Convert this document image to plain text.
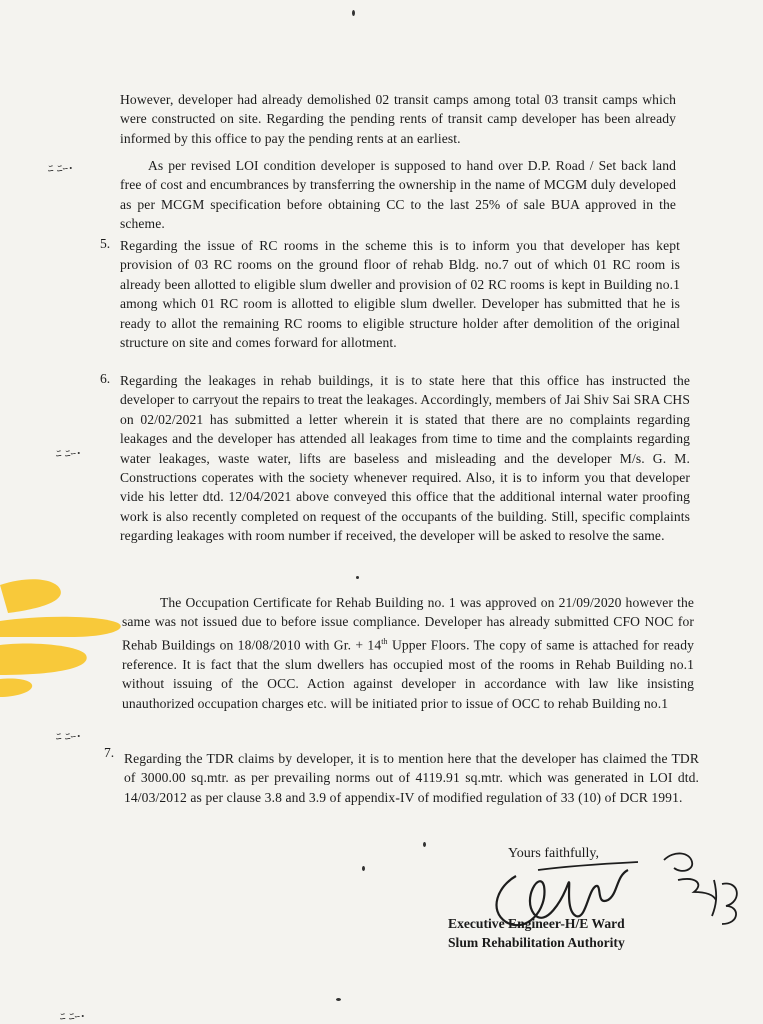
However, developer had already demolished 02 transit camps among total 03 transit camps which were constructed on site. Regarding the pending rents of transit camp developer has been already informed by this office to pay the pending rents at an earliest.

As per revised LOI condition developer is supposed to hand over D.P. Road / Set back land free of cost and encumbrances by transferring the ownership in the name of MCGM duly developed as per MCGM specification before obtaining CC to the last 25% of sale BUA approved in the scheme.

5. Regarding the issue of RC rooms in the scheme this is to inform you that developer has kept provision of 03 RC rooms on the ground floor of rehab Bldg. no.7 out of which 01 RC room is already been allotted to eligible slum dweller and provision of 02 RC rooms is kept in Building no.1 among which 01 RC room is allotted to eligible slum dweller. Developer has submitted that he is ready to allot the remaining RC rooms to eligible structure holder after demolition of the original structure on site and comes forward for allotment.

6. Regarding the leakages in rehab buildings, it is to state here that this office has instructed the developer to carryout the repairs to treat the leakages. Accordingly, members of Jai Shiv Sai SRA CHS on 02/02/2021 has submitted a letter wherein it is stated that there are no complaints regarding leakages and the developer has attended all leakages from time to time and the complaints regarding water leakages, waste water, lifts are baseless and misleading and the developer M/s. G. M. Constructions coperates with the society whenever required. Also, it is to inform you that developer vide his letter dtd. 12/04/2021 above conveyed this office that the additional internal water proofing work is also recently completed on request of the occupants of the building. Still, specific complaints regarding leakages with room number if received, the developer will be asked to resolve the same.

The Occupation Certificate for Rehab Building no. 1 was approved on 21/09/2020 however the same was not issued due to before issue compliance. Developer has already submitted CFO NOC for Rehab Buildings on 18/08/2010 with Gr. + 14th Upper Floors. The copy of same is attached for ready reference. It is fact that the slum dwellers has occupied most of the rooms in Rehab Building no.1 without issuing of the OCC. Action against developer in accordance with law like insisting unauthorized occupation charges etc. will be initiated prior to issue of OCC to rehab Building no.1

7. Regarding the TDR claims by developer, it is to mention here that the developer has claimed the TDR of 3000.00 sq.mtr. as per prevailing norms out of 4119.91 sq.mtr. which was generated in LOI dtd. 14/03/2012 as per clause 3.8 and 3.9 of appendix-IV of modified regulation of 33 (10) of DCR 1991.

ﾆ ﾆｰ･
ﾆ ﾆｰ･
ﾆ ﾆｰ･
ﾆ ﾆｰ･
Yours faithfully,
Executive Engineer-H/E Ward
Slum Rehabilitation Authority
